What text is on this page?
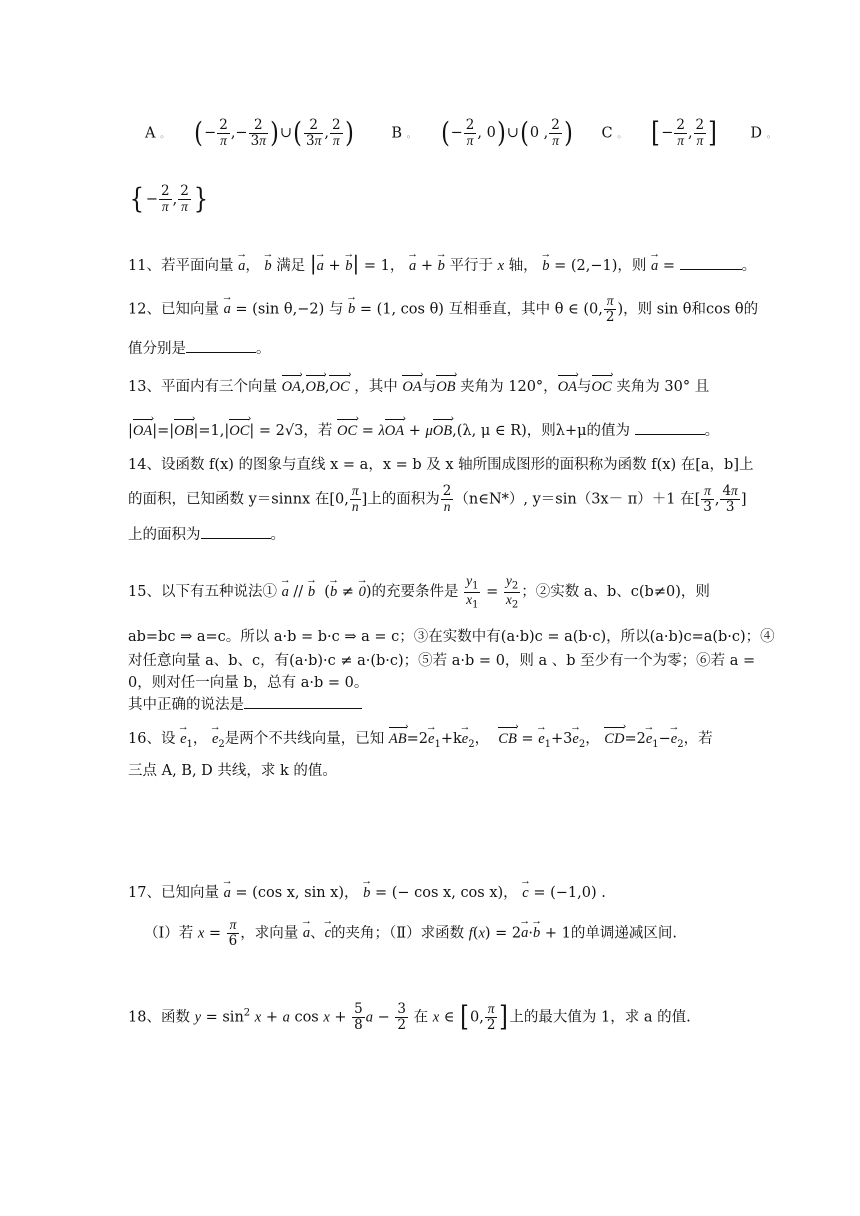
A 。 (− $\frac{2}{\pi}$ ,− $\frac{2}{3\pi}$ )∪( $\frac{2}{3\pi}$ , $\frac{2}{\pi}$ )	B 。 (− $\frac{2}{\pi}$ , 0)∪(0 , $\frac{2}{\pi}$ ) C 。 [− $\frac{2}{\pi}$ , $\frac{2}{\pi}$ ] D 。
{ − $\frac{2}{\pi}$ , $\frac{2}{\pi}$ }
11、若平面向量 → a， → b 满足 |→ a + → b| = 1， → a + → b 平行于 x 轴， → b = (2,−1)，则 → a =	。
12、已知向量 → a = (sin θ,−2) 与 → b = (1, cos θ) 互相垂直，其中 θ ∈ (0, $\frac{\pi}{2}$ )，则 sin θ和cos θ的
值分别是	。
13、平面内有三个向量 OA ›,OB ›,OC › ，其中 OA ›与OB › 夹角为 120°，OA ›与OC › 夹角为 30° 且
|OA ›|=|OB ›|=1,|OC ›| = 2√3，若 OC › = λOA › + μOB ›,(λ, μ ∈ R)，则λ+μ的值为	。
14、设函数 f(x) 的图象与直线 x = a，x = b 及 x 轴所围成图形的面积称为函数 f(x) 在[a，b]上
的面积，已知函数 y＝sinnx 在[0, $\frac{\pi}{n}$ ]上的面积为 $\frac{2}{n}$ （n∈N*）, y＝sin（3x－ π）＋1 在[ $\frac{\pi}{3}$ , $\frac{4\pi}{3}$ ]
上的面积为	。
15、以下有五种说法① → a // → b  (→ b ≠ → 0)的充要条件是 $\frac{y_1}{x_1} = \frac{y_2}{x_2}$ ；②实数 a、b、c(b≠0)，则
ab=bc ⇒ a=c。所以 a·b = b·c ⇒ a = c；③在实数中有(a·b)c = a(b·c)，所以(a·b)c=a(b·c)；④
对任意向量 a、b、c，有(a·b)·c ≠ a·(b·c)；⑤若 a·b = 0，则 a 、b 至少有一个为零；⑥若 a =
0，则对任一向量 b，总有 a·b = 0。
其中正确的说法是
16、设 → $e_1$， → $e_2$是两个不共线向量，已知 AB ›=2→ $e_1+k\to e_2$， CB › = → $e_1+3\to e_2$， CD ›=2→ $e_1-\to e_2$，若
三点 A, B, D 共线，求 k 的值。
17、已知向量 → a = (cos x, sin x)， → b = (− cos x, cos x)， → c = (−1,0) .
（Ⅰ）若 $x = \frac{\pi}{6}$ ，求向量 → a、→ c的夹角；（Ⅱ）求函数 f(x) = 2→ a·→ b + 1的单调递减区间.
18、函数 $y = \sin^2 x + a$ $\cos x + \frac{5}{8}$ $a - \frac{3}{2}$ 在 x ∈ [0, $\frac{\pi}{2}$ ]上的最大值为 1，求 a 的值.
